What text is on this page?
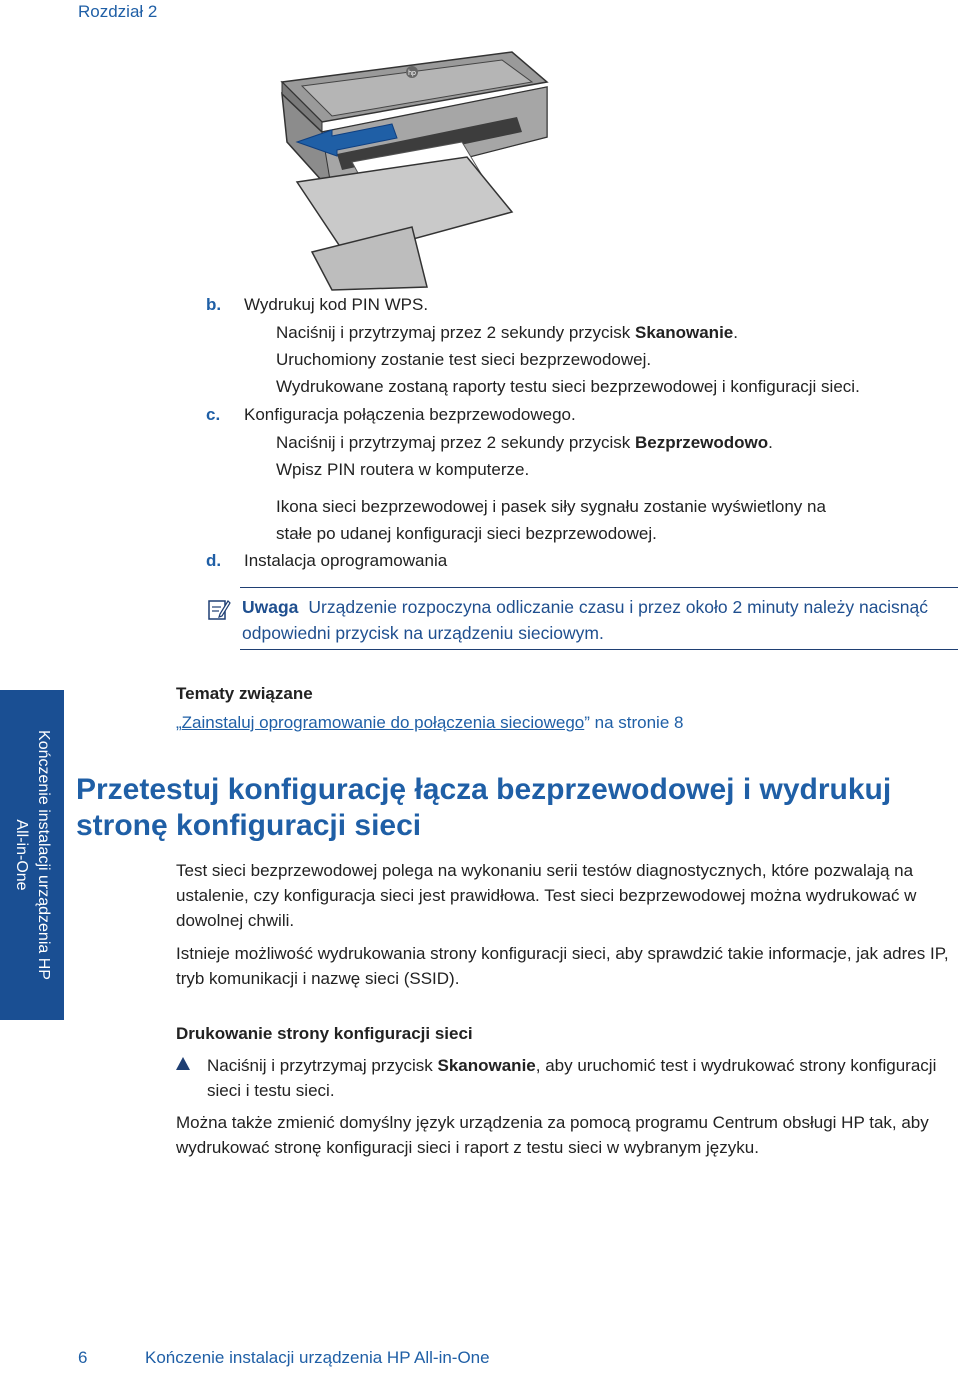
Rozdział 2
hp
b. Wydrukuj kod PIN WPS.
Naciśnij i przytrzymaj przez 2 sekundy przycisk Skanowanie.
Uruchomiony zostanie test sieci bezprzewodowej.
Wydrukowane zostaną raporty testu sieci bezprzewodowej i konfiguracji sieci.
c. Konfiguracja połączenia bezprzewodowego.
Naciśnij i przytrzymaj przez 2 sekundy przycisk Bezprzewodowo.
Wpisz PIN routera w komputerze.
Ikona sieci bezprzewodowej i pasek siły sygnału zostanie wyświetlony na
stałe po udanej konfiguracji sieci bezprzewodowej.
d. Instalacja oprogramowania
Uwaga Urządzenie rozpoczyna odliczanie czasu i przez około 2 minuty należy nacisnąć odpowiedni przycisk na urządzeniu sieciowym.
Kończenie instalacji urządzenia HP
All-in-One
Tematy związane
„Zainstaluj oprogramowanie do połączenia sieciowego” na stronie 8
Przetestuj konfigurację łącza bezprzewodowej i wydrukuj stronę konfiguracji sieci
Test sieci bezprzewodowej polega na wykonaniu serii testów diagnostycznych, które pozwalają na ustalenie, czy konfiguracja sieci jest prawidłowa. Test sieci bezprzewodowej można wydrukować w dowolnej chwili.
Istnieje możliwość wydrukowania strony konfiguracji sieci, aby sprawdzić takie informacje, jak adres IP, tryb komunikacji i nazwę sieci (SSID).
Drukowanie strony konfiguracji sieci
Naciśnij i przytrzymaj przycisk Skanowanie, aby uruchomić test i wydrukować strony konfiguracji sieci i testu sieci.
Można także zmienić domyślny język urządzenia za pomocą programu Centrum obsługi HP tak, aby wydrukować stronę konfiguracji sieci i raport z testu sieci w wybranym języku.
6	Kończenie instalacji urządzenia HP All-in-One
